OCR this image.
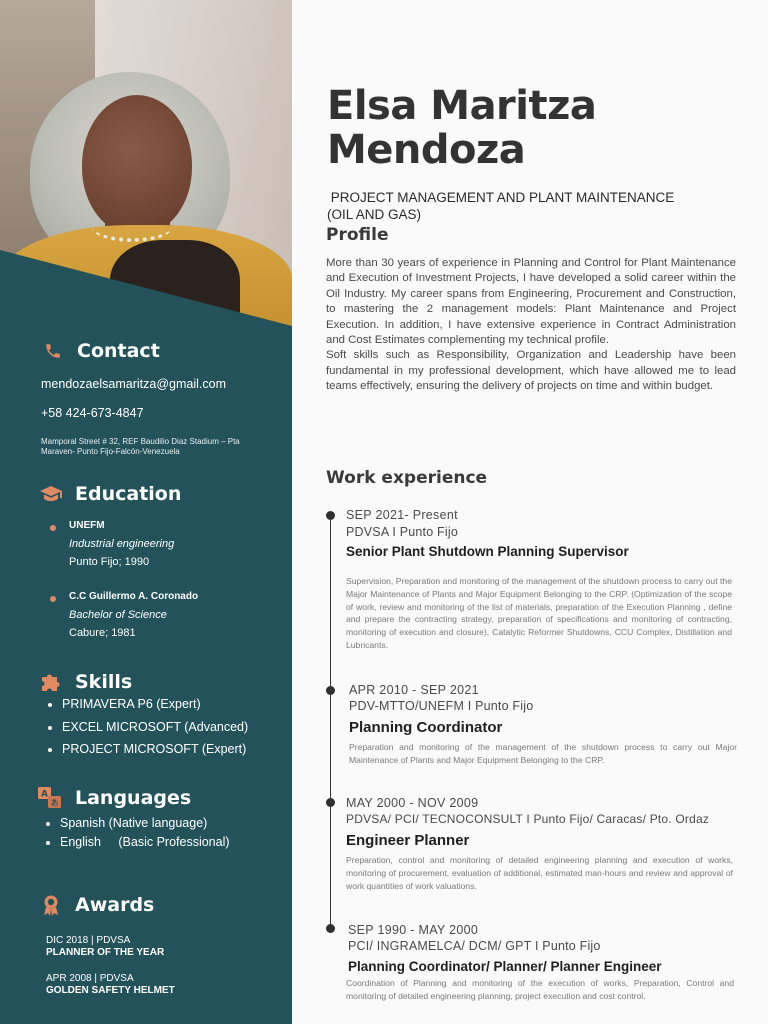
Contact
mendozaelsamaritza@gmail.com
+58 424-673-4847
Mamporal Street # 32, REF Baudilio Diaz Stadium – Pta
Maraven- Punto Fijo-Falcón-Venezuela
Education
UNEFM
Industrial engineering
Punto Fijo; 1990
C.C Guillermo A. Coronado
Bachelor of Science
Cabure; 1981
Skills
PRIMAVERA P6 (Expert)
EXCEL MICROSOFT (Advanced)
PROJECT MICROSOFT (Expert)
A
あ Languages
Spanish (Native language)
English     (Basic Professional)
Awards
DIC 2018 | PDVSA
PLANNER OF THE YEAR
APR 2008 | PDVSA
GOLDEN SAFETY HELMET
Elsa Maritza
Mendoza
PROJECT MANAGEMENT AND PLANT MAINTENANCE
(OIL AND GAS)
Profile
More than 30 years of experience in Planning and Control for Plant Maintenance and Execution of Investment Projects, I have developed a solid career within the Oil Industry. My career spans from Engineering, Procurement and Construction, to mastering the 2 management models: Plant Maintenance and Project Execution. In addition, I have extensive experience in Contract Administration and Cost Estimates complementing my technical profile.
Soft skills such as Responsibility, Organization and Leadership have been fundamental in my professional development, which have allowed me to lead teams effectively, ensuring the delivery of projects on time and within budget.
Work experience
SEP 2021- Present
PDVSA I Punto Fijo
Senior Plant Shutdown Planning Supervisor
Supervision, Preparation and monitoring of the management of the shutdown process to carry out the Major Maintenance of Plants and Major Equipment Belonging to the CRP. (Optimization of the scope of work, review and monitoring of the list of materials, preparation of the Execution Planning , define and prepare the contracting strategy, preparation of specifications and monitoring of contracting, monitoring of execution and closure), Catalytic Reformer Shutdowns, CCU Complex, Distillation and Lubricants.
APR 2010 - SEP 2021
PDV-MTTO/UNEFM I Punto Fijo
Planning Coordinator
Preparation and monitoring of the management of the shutdown process to carry out Major Maintenance of Plants and Major Equipment Belonging to the CRP.
MAY 2000 - NOV 2009
PDVSA/ PCI/ TECNOCONSULT I Punto Fijo/ Caracas/ Pto. Ordaz
Engineer Planner
Preparation, control and monitoring of detailed engineering planning and execution of works, monitoring of procurement, evaluation of additional, estimated man-hours and review and approval of work quantities of work valuations.
SEP 1990 - MAY 2000
PCI/ INGRAMELCA/ DCM/ GPT I Punto Fijo
Planning Coordinator/ Planner/ Planner Engineer
Coordination of Planning and monitoring of the execution of works, Preparation, Control and monitoring of detailed engineering planning, project execution and cost control.
